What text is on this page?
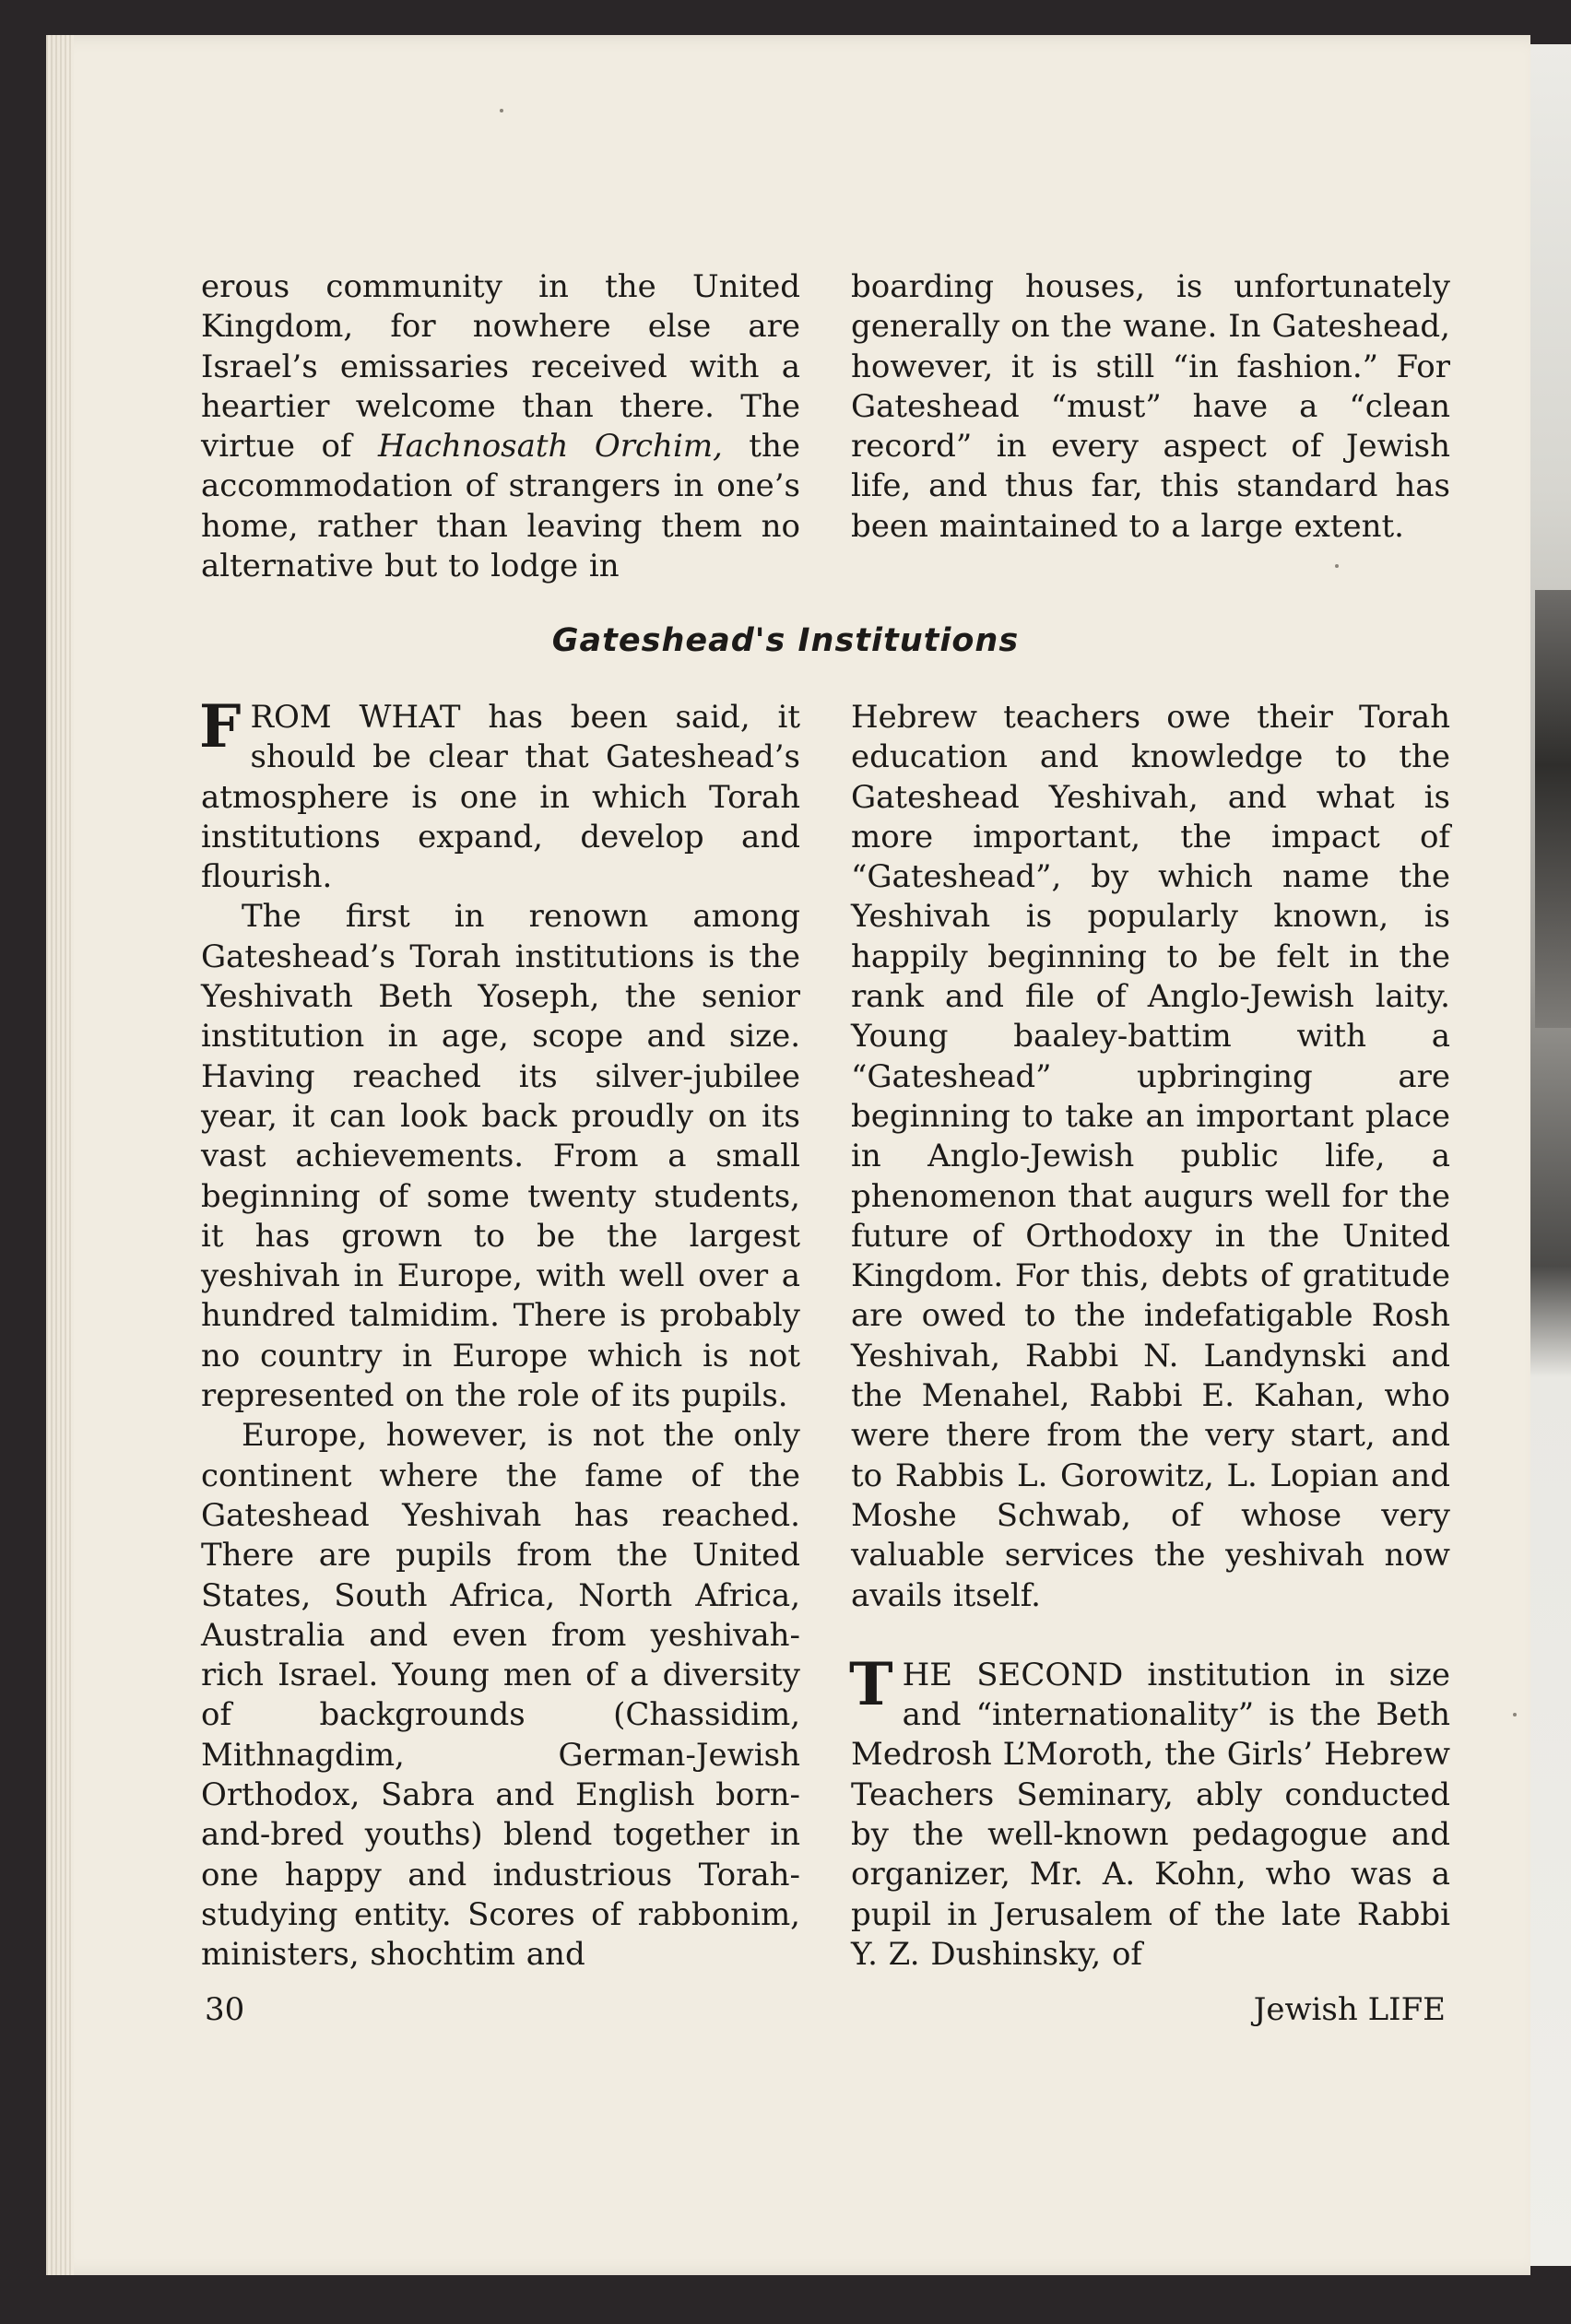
erous community in the United Kingdom, for nowhere else are Israel’s emissaries received with a heartier welcome than there. The virtue of Hachnosath Orchim, the accommodation of strangers in one’s home, rather than leaving them no alternative but to lodge in

boarding houses, is unfortunately generally on the wane. In Gateshead, however, it is still “in fashion.” For Gateshead “must” have a “clean record” in every aspect of Jewish life, and thus far, this standard has been maintained to a large extent.

Gateshead's Institutions

FROM WHAT has been said, it should be clear that Gateshead’s atmosphere is one in which Torah institutions expand, develop and flourish.

The first in renown among Gateshead’s Torah institutions is the Yeshivath Beth Yoseph, the senior institution in age, scope and size. Having reached its silver-jubilee year, it can look back proudly on its vast achievements. From a small beginning of some twenty students, it has grown to be the largest yeshivah in Europe, with well over a hundred talmidim. There is probably no country in Europe which is not represented on the role of its pupils.

Europe, however, is not the only continent where the fame of the Gateshead Yeshivah has reached. There are pupils from the United States, South Africa, North Africa, Australia and even from yeshivah-rich Israel. Young men of a diversity of backgrounds (Chassidim, Mithnagdim, German-Jewish Orthodox, Sabra and English born-and-bred youths) blend together in one happy and industrious Torah-studying entity. Scores of rabbonim, ministers, shochtim and

Hebrew teachers owe their Torah education and knowledge to the Gateshead Yeshivah, and what is more important, the impact of “Gateshead”, by which name the Yeshivah is popularly known, is happily beginning to be felt in the rank and file of Anglo-Jewish laity. Young baaley-battim with a “Gateshead” upbringing are beginning to take an important place in Anglo-Jewish public life, a phenomenon that augurs well for the future of Orthodoxy in the United Kingdom. For this, debts of gratitude are owed to the indefatigable Rosh Yeshivah, Rabbi N. Landynski and the Menahel, Rabbi E. Kahan, who were there from the very start, and to Rabbis L. Gorowitz, L. Lopian and Moshe Schwab, of whose very valuable services the yeshivah now avails itself.

THE SECOND institution in size and “internationality” is the Beth Medrosh L’Moroth, the Girls’ Hebrew Teachers Seminary, ably conducted by the well-known pedagogue and organizer, Mr. A. Kohn, who was a pupil in Jerusalem of the late Rabbi Y. Z. Dushinsky, of

30	Jewish LIFE
